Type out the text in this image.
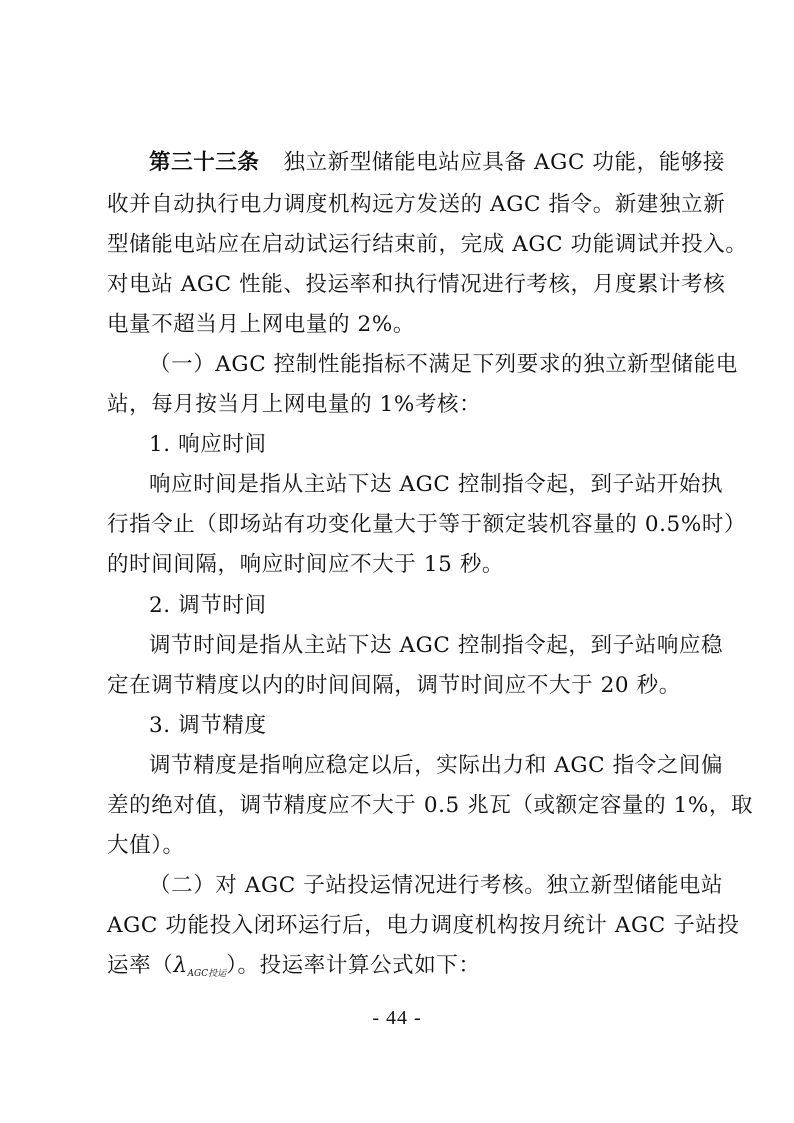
第三十三条 独立新型储能电站应具备 AGC 功能，能够接
收并自动执行电力调度机构远方发送的 AGC 指令。新建独立新
型储能电站应在启动试运行结束前，完成 AGC 功能调试并投入。
对电站 AGC 性能、投运率和执行情况进行考核，月度累计考核
电量不超当月上网电量的 2%。
（一）AGC 控制性能指标不满足下列要求的独立新型储能电
站，每月按当月上网电量的 1%考核：
1. 响应时间
响应时间是指从主站下达 AGC 控制指令起，到子站开始执
行指令止（即场站有功变化量大于等于额定装机容量的 0.5%时）
的时间间隔，响应时间应不大于 15 秒。
2. 调节时间
调节时间是指从主站下达 AGC 控制指令起，到子站响应稳
定在调节精度以内的时间间隔，调节时间应不大于 20 秒。
3. 调节精度
调节精度是指响应稳定以后，实际出力和 AGC 指令之间偏
差的绝对值，调节精度应不大于 0.5 兆瓦（或额定容量的 1%，取
大值）。
（二）对 AGC 子站投运情况进行考核。独立新型储能电站
AGC 功能投入闭环运行后，电力调度机构按月统计 AGC 子站投
运率$(\lambda_{AGC投运})$。投运率计算公式如下：
- 44 -
